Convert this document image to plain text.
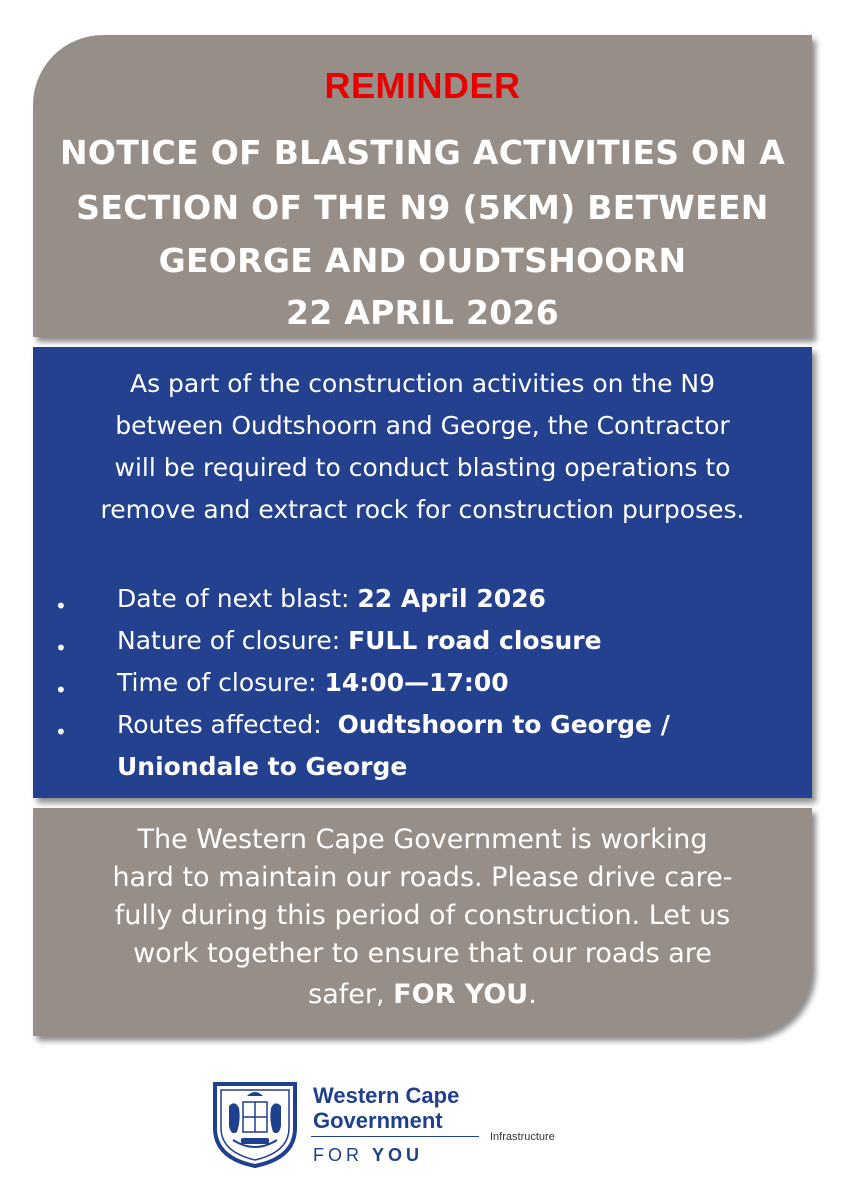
REMINDER
NOTICE OF BLASTING ACTIVITIES ON A
SECTION OF THE N9 (5KM) BETWEEN
GEORGE AND OUDTSHOORN
22 APRIL 2026
As part of the construction activities on the N9
between Oudtshoorn and George, the Contractor
will be required to conduct blasting operations to
remove and extract rock for construction purposes.
• Date of next blast: 22 April 2026
• Nature of closure: FULL road closure
• Time of closure: 14:00—17:00
• Routes affected:  Oudtshoorn to George /
Uniondale to George
The Western Cape Government is working
hard to maintain our roads. Please drive care-
fully during this period of construction. Let us
work together to ensure that our roads are
safer, FOR YOU.
Western Cape
Government
Infrastructure
FOR YOU
